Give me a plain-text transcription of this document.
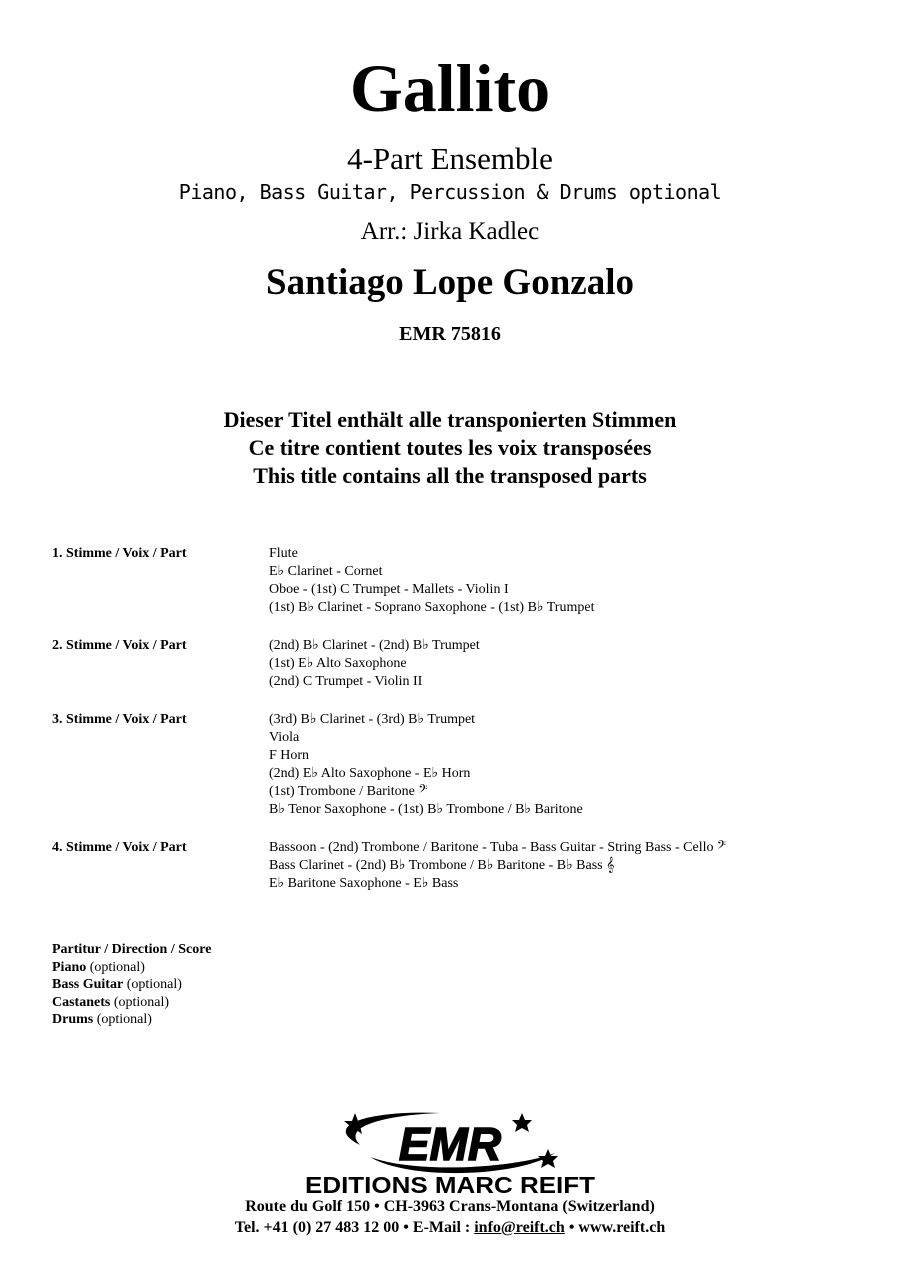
Gallito
4-Part Ensemble
Piano, Bass Guitar, Percussion & Drums optional
Arr.: Jirka Kadlec
Santiago Lope Gonzalo
EMR 75816
Dieser Titel enthält alle transponierten Stimmen
Ce titre contient toutes les voix transposées
This title contains all the transposed parts
1. Stimme / Voix / Part	Flute
E♭ Clarinet - Cornet
Oboe - (1st) C Trumpet - Mallets - Violin I
(1st) B♭ Clarinet - Soprano Saxophone - (1st) B♭ Trumpet
2. Stimme / Voix / Part	(2nd) B♭ Clarinet - (2nd) B♭ Trumpet
(1st) E♭ Alto Saxophone
(2nd) C Trumpet - Violin II
3. Stimme / Voix / Part	(3rd) B♭ Clarinet - (3rd) B♭ Trumpet
Viola
F Horn
(2nd) E♭ Alto Saxophone - E♭ Horn
(1st) Trombone / Baritone 𝄢
B♭ Tenor Saxophone - (1st) B♭ Trombone / B♭ Baritone
4. Stimme / Voix / Part	Bassoon - (2nd) Trombone / Baritone - Tuba - Bass Guitar - String Bass - Cello 𝄢
Bass Clarinet - (2nd) B♭ Trombone / B♭ Baritone - B♭ Bass 𝄞
E♭ Baritone Saxophone - E♭ Bass
Partitur / Direction / Score
Piano (optional)
Bass Guitar (optional)
Castanets (optional)
Drums (optional)
EMR
EDITIONS MARC REIFT
Route du Golf 150 • CH-3963 Crans-Montana (Switzerland)
Tel. +41 (0) 27 483 12 00 • E-Mail : info@reift.ch • www.reift.ch
